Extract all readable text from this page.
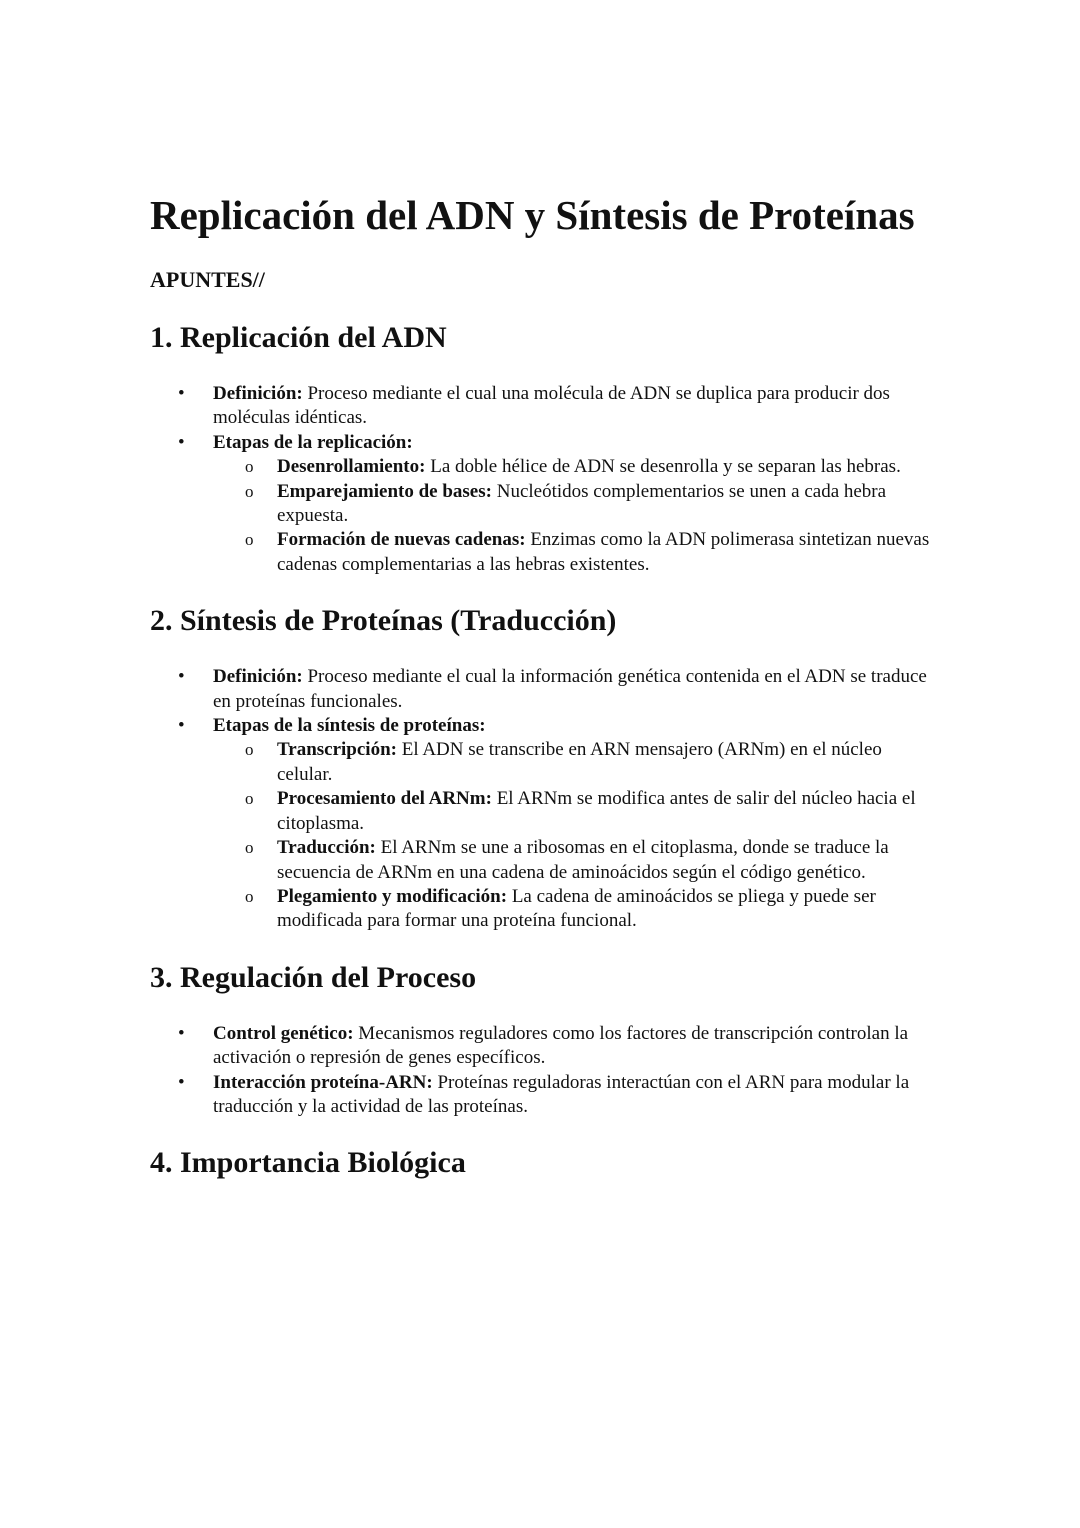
Replicación del ADN y Síntesis de Proteínas
APUNTES//
1. Replicación del ADN
• Definición: Proceso mediante el cual una molécula de ADN se duplica para producir dos moléculas idénticas.
• Etapas de la replicación:
o Desenrollamiento: La doble hélice de ADN se desenrolla y se separan las hebras.
o Emparejamiento de bases: Nucleótidos complementarios se unen a cada hebra expuesta.
o Formación de nuevas cadenas: Enzimas como la ADN polimerasa sintetizan nuevas cadenas complementarias a las hebras existentes.
2. Síntesis de Proteínas (Traducción)
• Definición: Proceso mediante el cual la información genética contenida en el ADN se traduce en proteínas funcionales.
• Etapas de la síntesis de proteínas:
o Transcripción: El ADN se transcribe en ARN mensajero (ARNm) en el núcleo celular.
o Procesamiento del ARNm: El ARNm se modifica antes de salir del núcleo hacia el citoplasma.
o Traducción: El ARNm se une a ribosomas en el citoplasma, donde se traduce la secuencia de ARNm en una cadena de aminoácidos según el código genético.
o Plegamiento y modificación: La cadena de aminoácidos se pliega y puede ser modificada para formar una proteína funcional.
3. Regulación del Proceso
• Control genético: Mecanismos reguladores como los factores de transcripción controlan la activación o represión de genes específicos.
• Interacción proteína-ARN: Proteínas reguladoras interactúan con el ARN para modular la traducción y la actividad de las proteínas.
4. Importancia Biológica
